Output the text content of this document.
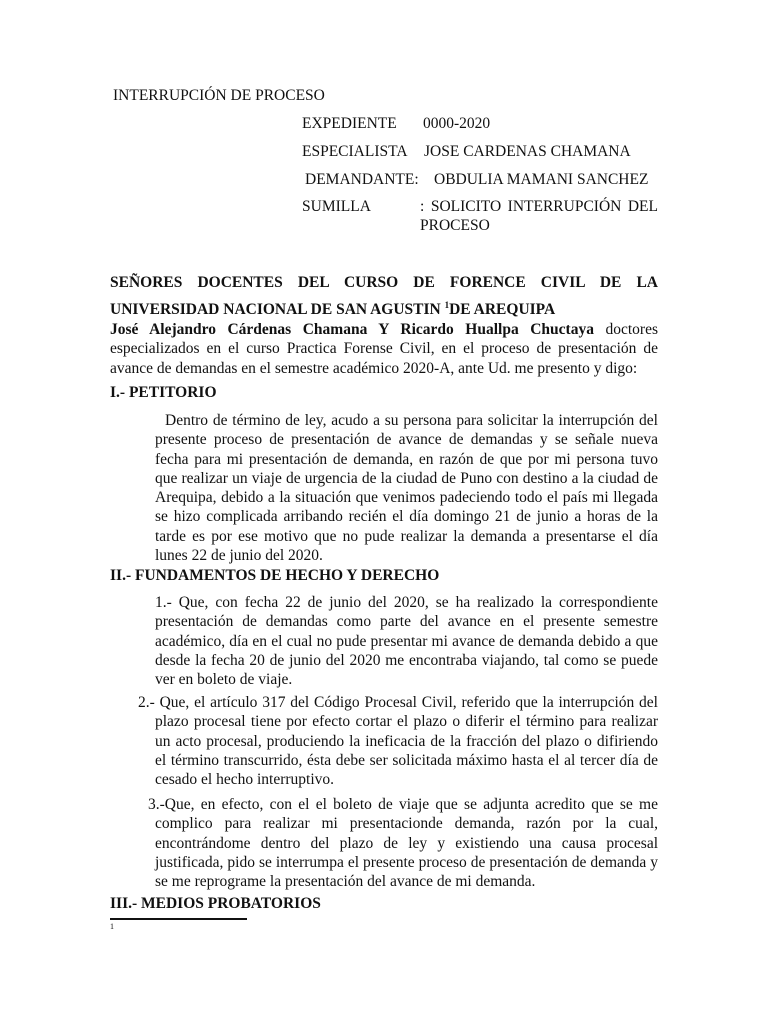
INTERRUPCIÓN DE PROCESO
EXPEDIENTE 0000-2020
ESPECIALISTA JOSE CARDENAS CHAMANA
DEMANDANTE: OBDULIA MAMANI SANCHEZ
SUMILLA	: SOLICITO INTERRUPCIÓN DEL PROCESO
SEÑORES DOCENTES DEL CURSO DE FORENCE CIVIL DE LA
UNIVERSIDAD NACIONAL DE SAN AGUSTIN $^1$DE AREQUIPA
José Alejandro Cárdenas Chamana Y Ricardo Huallpa Chuctaya doctores especializados en el curso Practica Forense Civil, en el proceso de presentación de avance de demandas en el semestre académico 2020-A, ante Ud. me presento y digo:
I.- PETITORIO
Dentro de término de ley, acudo a su persona para solicitar la interrupción del presente proceso de presentación de avance de demandas y se señale nueva fecha para mi presentación de demanda, en razón de que por mi persona tuvo que realizar un viaje de urgencia de la ciudad de Puno con destino a la ciudad de Arequipa, debido a la situación que venimos padeciendo todo el país mi llegada se hizo complicada arribando recién el día domingo 21 de junio a horas de la tarde es por ese motivo que no pude realizar la demanda a presentarse el día lunes 22 de junio del 2020.
II.- FUNDAMENTOS DE HECHO Y DERECHO
1.- Que, con fecha 22 de junio del 2020, se ha realizado la correspondiente presentación de demandas como parte del avance en el presente semestre académico, día en el cual no pude presentar mi avance de demanda debido a que desde la fecha 20 de junio del 2020 me encontraba viajando, tal como se puede ver en boleto de viaje.
2.- Que, el artículo 317 del Código Procesal Civil, referido que la interrupción del plazo procesal tiene por efecto cortar el plazo o diferir el término para realizar un acto procesal, produciendo la ineficacia de la fracción del plazo o difiriendo el término transcurrido, ésta debe ser solicitada máximo hasta el al tercer día de cesado el hecho interruptivo.
3.-Que, en efecto, con el el boleto de viaje que se adjunta acredito que se me complico para realizar mi presentacionde demanda, razón por la cual, encontrándome dentro del plazo de ley y existiendo una causa procesal justificada, pido se interrumpa el presente proceso de presentación de demanda y se me reprograme la presentación del avance de mi demanda.
III.- MEDIOS PROBATORIOS
1
